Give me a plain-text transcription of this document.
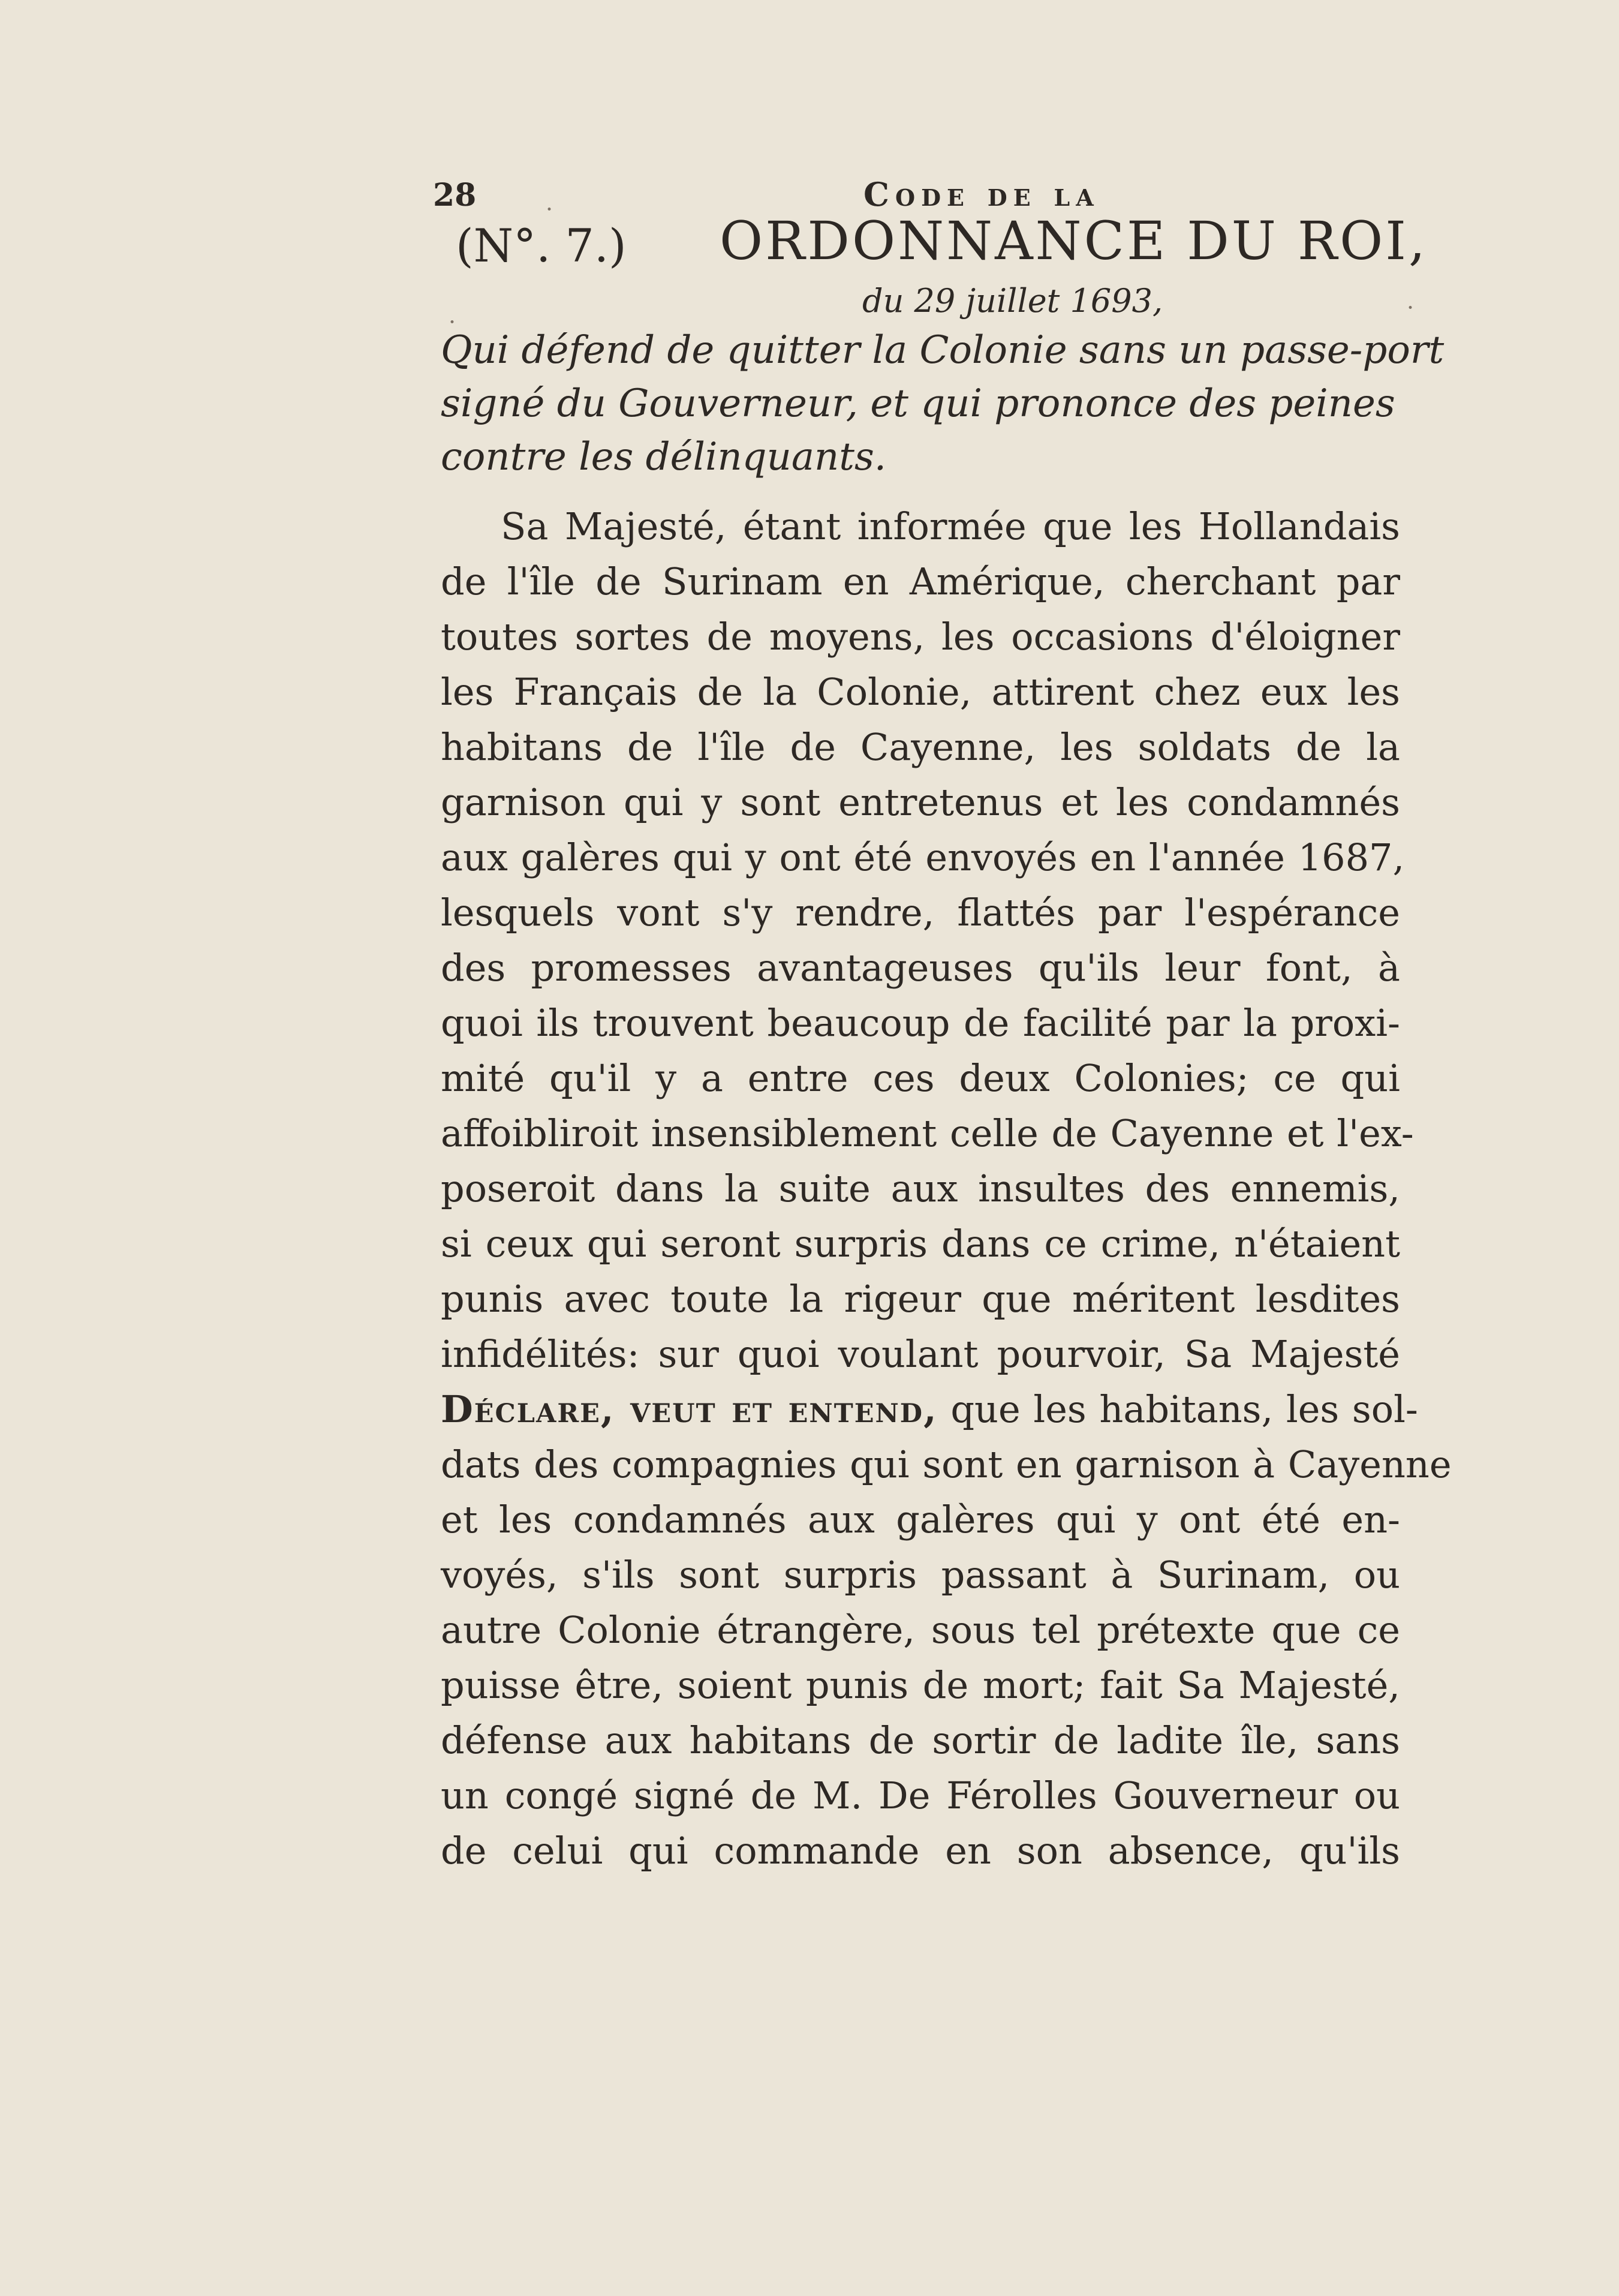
·
·
·
28	Code de la
(N°. 7.) ORDONNANCE DU ROI,
du 29 juillet 1693,
Qui défend de quitter la Colonie sans un passe-port
signé du Gouverneur, et qui prononce des peines
contre les délinquants.
Sa Majesté, étant informée que les Hollandais
de l'île de Surinam en Amérique, cherchant par
toutes sortes de moyens, les occasions d'éloigner
les Français de la Colonie, attirent chez eux les
habitans de l'île de Cayenne, les soldats de la
garnison qui y sont entretenus et les condamnés
aux galères qui y ont été envoyés en l'année 1687,
lesquels vont s'y rendre, flattés par l'espérance
des promesses avantageuses qu'ils leur font, à
quoi ils trouvent beaucoup de facilité par la proxi-
mité qu'il y a entre ces deux Colonies; ce qui
affoibliroit insensiblement celle de Cayenne et l'ex-
poseroit dans la suite aux insultes des ennemis,
si ceux qui seront surpris dans ce crime, n'étaient
punis avec toute la rigeur que méritent lesdites
infidélités: sur quoi voulant pourvoir, Sa Majesté
Déclare, veut et entend, que les habitans, les sol-
dats des compagnies qui sont en garnison à Cayenne
et les condamnés aux galères qui y ont été en-
voyés, s'ils sont surpris passant à Surinam, ou
autre Colonie étrangère, sous tel prétexte que ce
puisse être, soient punis de mort; fait Sa Majesté,
défense aux habitans de sortir de ladite île, sans
un congé signé de M. De Férolles Gouverneur ou
de celui qui commande en son absence, qu'ils
